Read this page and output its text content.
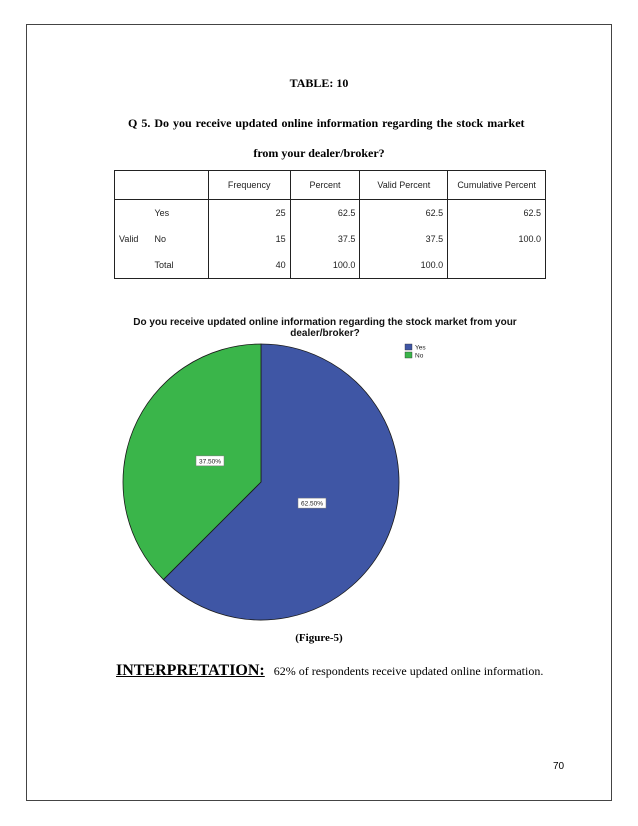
TABLE: 10
Q 5. Do you receive updated online information regarding the stock market
from your dealer/broker?
		Frequency	Percent	Valid Percent	Cumulative Percent
Valid	Yes	25	62.5	62.5	62.5
	No	15	37.5	37.5	100.0
	Total	40	100.0	100.0	
Do you receive updated online information regarding the stock market from your
dealer/broker?
62.50%
37.50%
Yes
No
(Figure-5)
INTERPRETATION: 62% of respondents receive updated online information.
70
